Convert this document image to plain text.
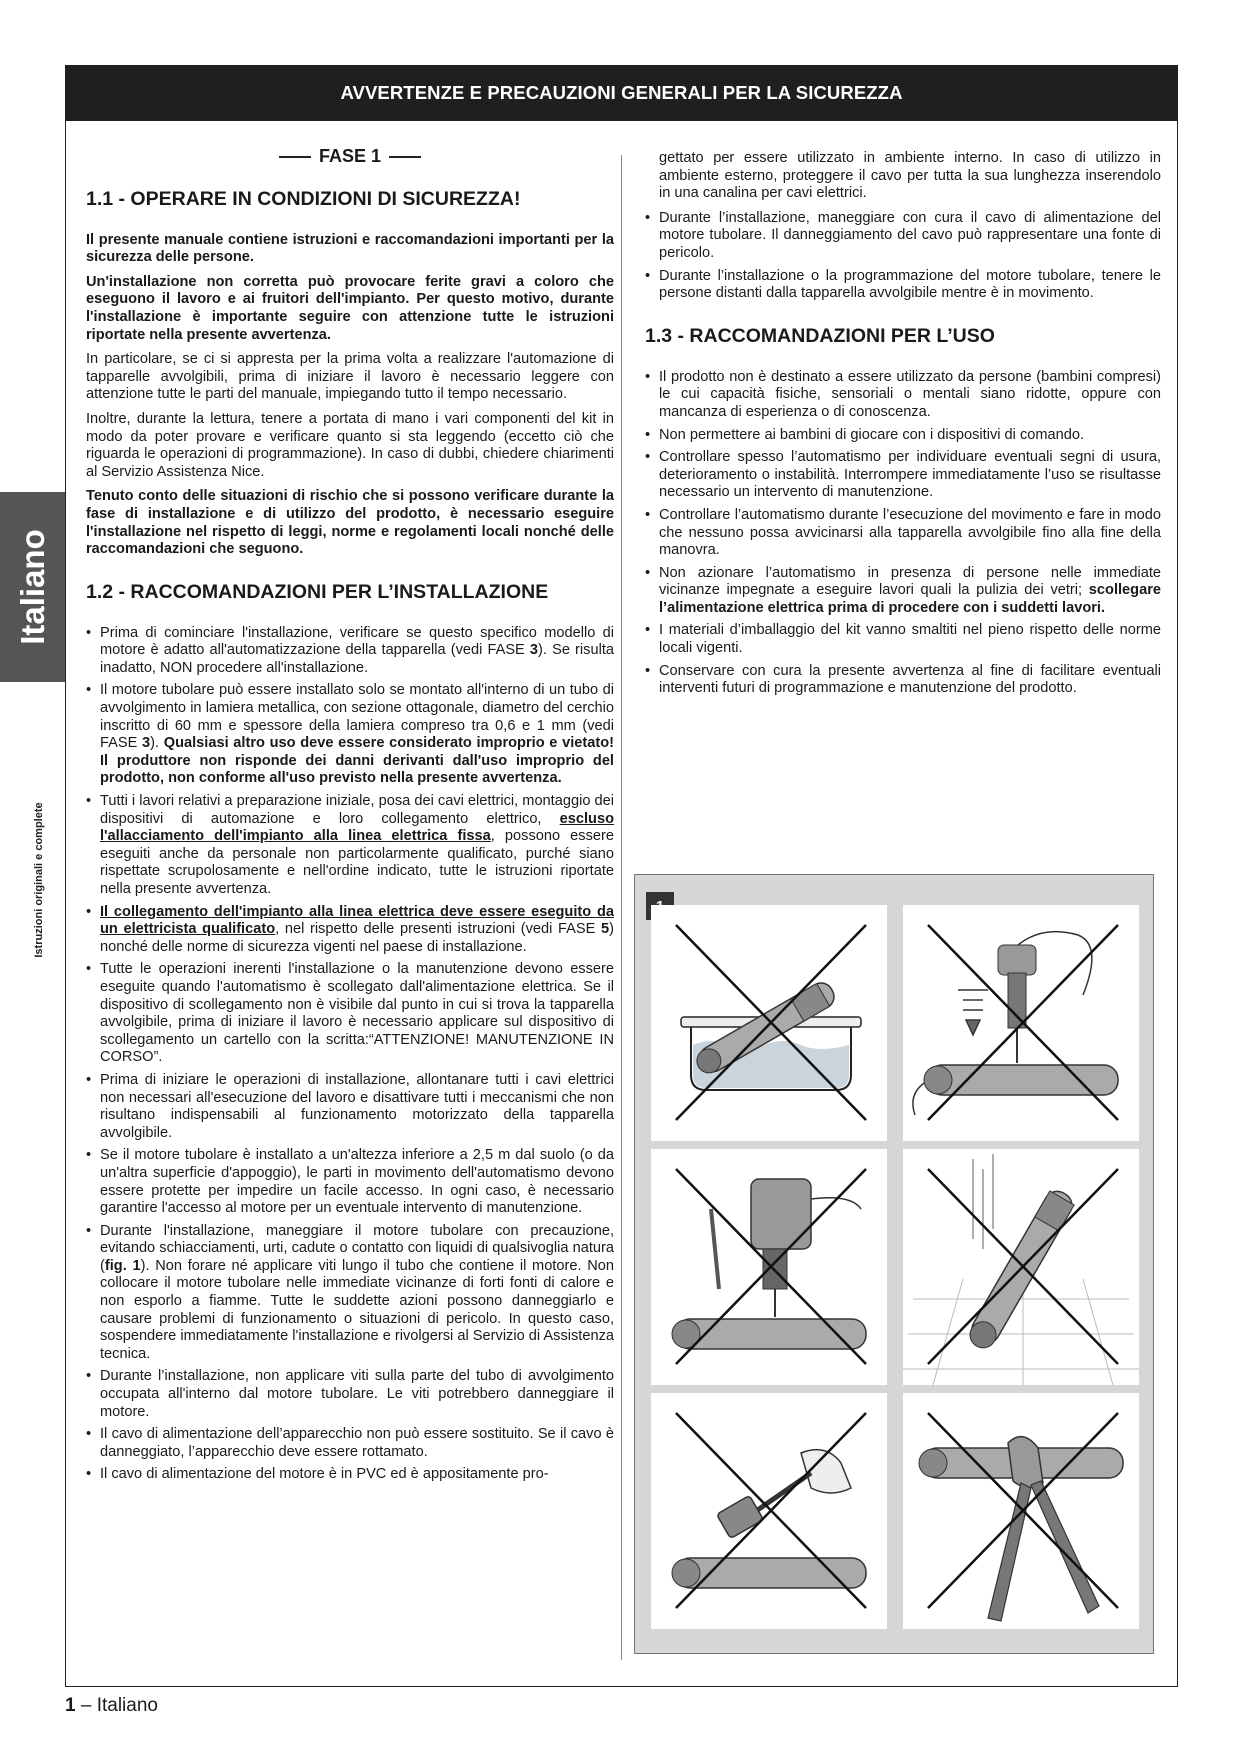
AVVERTENZE E PRECAUZIONI GENERALI PER LA SICUREZZA
Italiano
Istruzioni originali e complete
FASE 1
1.1 - OPERARE IN CONDIZIONI DI SICUREZZA!

Il presente manuale contiene istruzioni e raccomandazioni importanti per la sicurezza delle persone.

Un'installazione non corretta può provocare ferite gravi a coloro che eseguono il lavoro e ai fruitori dell'impianto. Per questo motivo, durante l'installazione è importante seguire con attenzione tutte le istruzioni riportate nella presente avvertenza.

In particolare, se ci si appresta per la prima volta a realizzare l'automazione di tapparelle avvolgibili, prima di iniziare il lavoro è necessario leggere con attenzione tutte le parti del manuale, impiegando tutto il tempo necessario.

Inoltre, durante la lettura, tenere a portata di mano i vari componenti del kit in modo da poter provare e verificare quanto si sta leggendo (eccetto ciò che riguarda le operazioni di programmazione). In caso di dubbi, chiedere chiarimenti al Servizio Assistenza Nice.

Tenuto conto delle situazioni di rischio che si possono verificare durante la fase di installazione e di utilizzo del prodotto, è necessario eseguire l'installazione nel rispetto di leggi, norme e regolamenti locali nonché delle raccomandazioni che seguono.

1.2 - RACCOMANDAZIONI PER L’INSTALLAZIONE
• Prima di cominciare l'installazione, verificare se questo specifico modello di motore è adatto all'automatizzazione della tapparella (vedi FASE 3). Se risulta inadatto, NON procedere all'installazione.
• Il motore tubolare può essere installato solo se montato all'interno di un tubo di avvolgimento in lamiera metallica, con sezione ottagonale, diametro del cerchio inscritto di 60 mm e spessore della lamiera compreso tra 0,6 e 1 mm (vedi FASE 3). Qualsiasi altro uso deve essere considerato improprio e vietato! Il produttore non risponde dei danni derivanti dall'uso improprio del prodotto, non conforme all'uso previsto nella presente avvertenza.
• Tutti i lavori relativi a preparazione iniziale, posa dei cavi elettrici, montaggio dei dispositivi di automazione e loro collegamento elettrico, escluso l'allacciamento dell'impianto alla linea elettrica fissa, possono essere eseguiti anche da personale non particolarmente qualificato, purché siano rispettate scrupolosamente e nell'ordine indicato, tutte le istruzioni riportate nella presente avvertenza.
• Il collegamento dell'impianto alla linea elettrica deve essere eseguito da un elettricista qualificato, nel rispetto delle presenti istruzioni (vedi FASE 5) nonché delle norme di sicurezza vigenti nel paese di installazione.
• Tutte le operazioni inerenti l'installazione o la manutenzione devono essere eseguite quando l'automatismo è scollegato dall'alimentazione elettrica. Se il dispositivo di scollegamento non è visibile dal punto in cui si trova la tapparella avvolgibile, prima di iniziare il lavoro è necessario applicare sul dispositivo di scollegamento un cartello con la scritta:“ATTENZIONE! MANUTENZIONE IN CORSO”.
• Prima di iniziare le operazioni di installazione, allontanare tutti i cavi elettrici non necessari all'esecuzione del lavoro e disattivare tutti i meccanismi che non risultano indispensabili al funzionamento motorizzato della tapparella avvolgibile.
• Se il motore tubolare è installato a un'altezza inferiore a 2,5 m dal suolo (o da un'altra superficie d'appoggio), le parti in movimento dell'automatismo devono essere protette per impedire un facile accesso. In ogni caso, è necessario garantire l'accesso al motore per un eventuale intervento di manutenzione.
• Durante l'installazione, maneggiare il motore tubolare con precauzione, evitando schiacciamenti, urti, cadute o contatto con liquidi di qualsivoglia natura (fig. 1). Non forare né applicare viti lungo il tubo che contiene il motore. Non collocare il motore tubolare nelle immediate vicinanze di forti fonti di calore e non esporlo a fiamme. Tutte le suddette azioni possono danneggiarlo e causare problemi di funzionamento o situazioni di pericolo. In questo caso, sospendere immediatamente l'installazione e rivolgersi al Servizio di Assistenza tecnica.
• Durante l’installazione, non applicare viti sulla parte del tubo di avvolgimento occupata all'interno dal motore tubolare. Le viti potrebbero danneggiare il motore.
• Il cavo di alimentazione dell’apparecchio non può essere sostituito. Se il cavo è danneggiato, l’apparecchio deve essere rottamato.
• Il cavo di alimentazione del motore è in PVC ed è appositamente pro-

gettato per essere utilizzato in ambiente interno. In caso di utilizzo in ambiente esterno, proteggere il cavo per tutta la sua lunghezza inserendolo in una canalina per cavi elettrici.

• Durante l’installazione, maneggiare con cura il cavo di alimentazione del motore tubolare. Il danneggiamento del cavo può rappresentare una fonte di pericolo.
• Durante l’installazione o la programmazione del motore tubolare, tenere le persone distanti dalla tapparella avvolgibile mentre è in movimento.
1.3 - RACCOMANDAZIONI PER L’USO
• Il prodotto non è destinato a essere utilizzato da persone (bambini compresi) le cui capacità fisiche, sensoriali o mentali siano ridotte, oppure con mancanza di esperienza o di conoscenza.
• Non permettere ai bambini di giocare con i dispositivi di comando.
• Controllare spesso l’automatismo per individuare eventuali segni di usura, deterioramento o instabilità. Interrompere immediatamente l’uso se risultasse necessario un intervento di manutenzione.
• Controllare l’automatismo durante l’esecuzione del movimento e fare in modo che nessuno possa avvicinarsi alla tapparella avvolgibile fino alla fine della manovra.
• Non azionare l’automatismo in presenza di persone nelle immediate vicinanze impegnate a eseguire lavori quali la pulizia dei vetri; scollegare l’alimentazione elettrica prima di procedere con i suddetti lavori.
• I materiali d’imballaggio del kit vanno smaltiti nel pieno rispetto delle norme locali vigenti.
• Conservare con cura la presente avvertenza al fine di facilitare eventuali interventi futuri di programmazione e manutenzione del prodotto.
1 – Italiano
